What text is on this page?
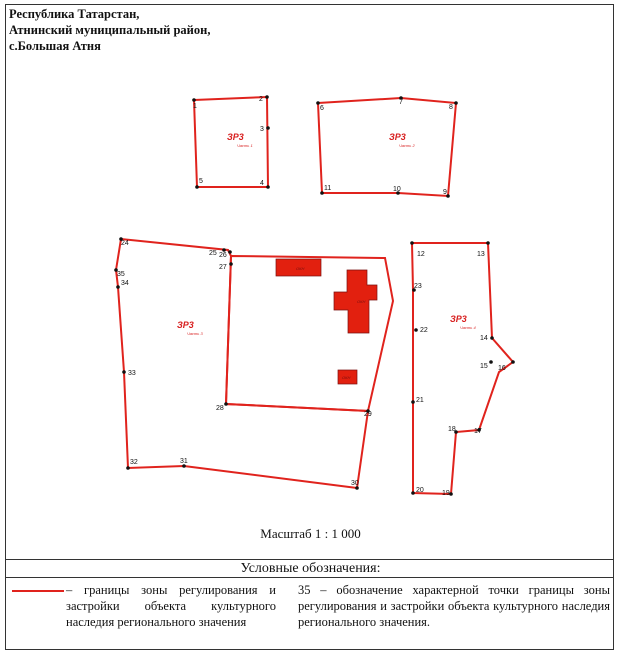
Республика Татарстан,
Атнинский муниципальный район,
с.Большая Атня
ОКН
ОКН
ОКН
ЗР3
Часть 1
ЗР3
Часть 2
ЗР3
Часть 3
ЗР3
Часть 4
1
2
3
4
5
6
7
8
9
10
11
12	13
14
15 16
17
18
19
20
21
22
23
24
25 26
27
28
29
30
31
32
33
34
35
Масштаб 1 : 1 000
Условные обозначения:
– границы зоны регулирования и застройки объекта культурного наследия регионального значения
35 – обозначение характерной точки границы зоны регулирования и застройки объекта культурного наследия регионального значения.
